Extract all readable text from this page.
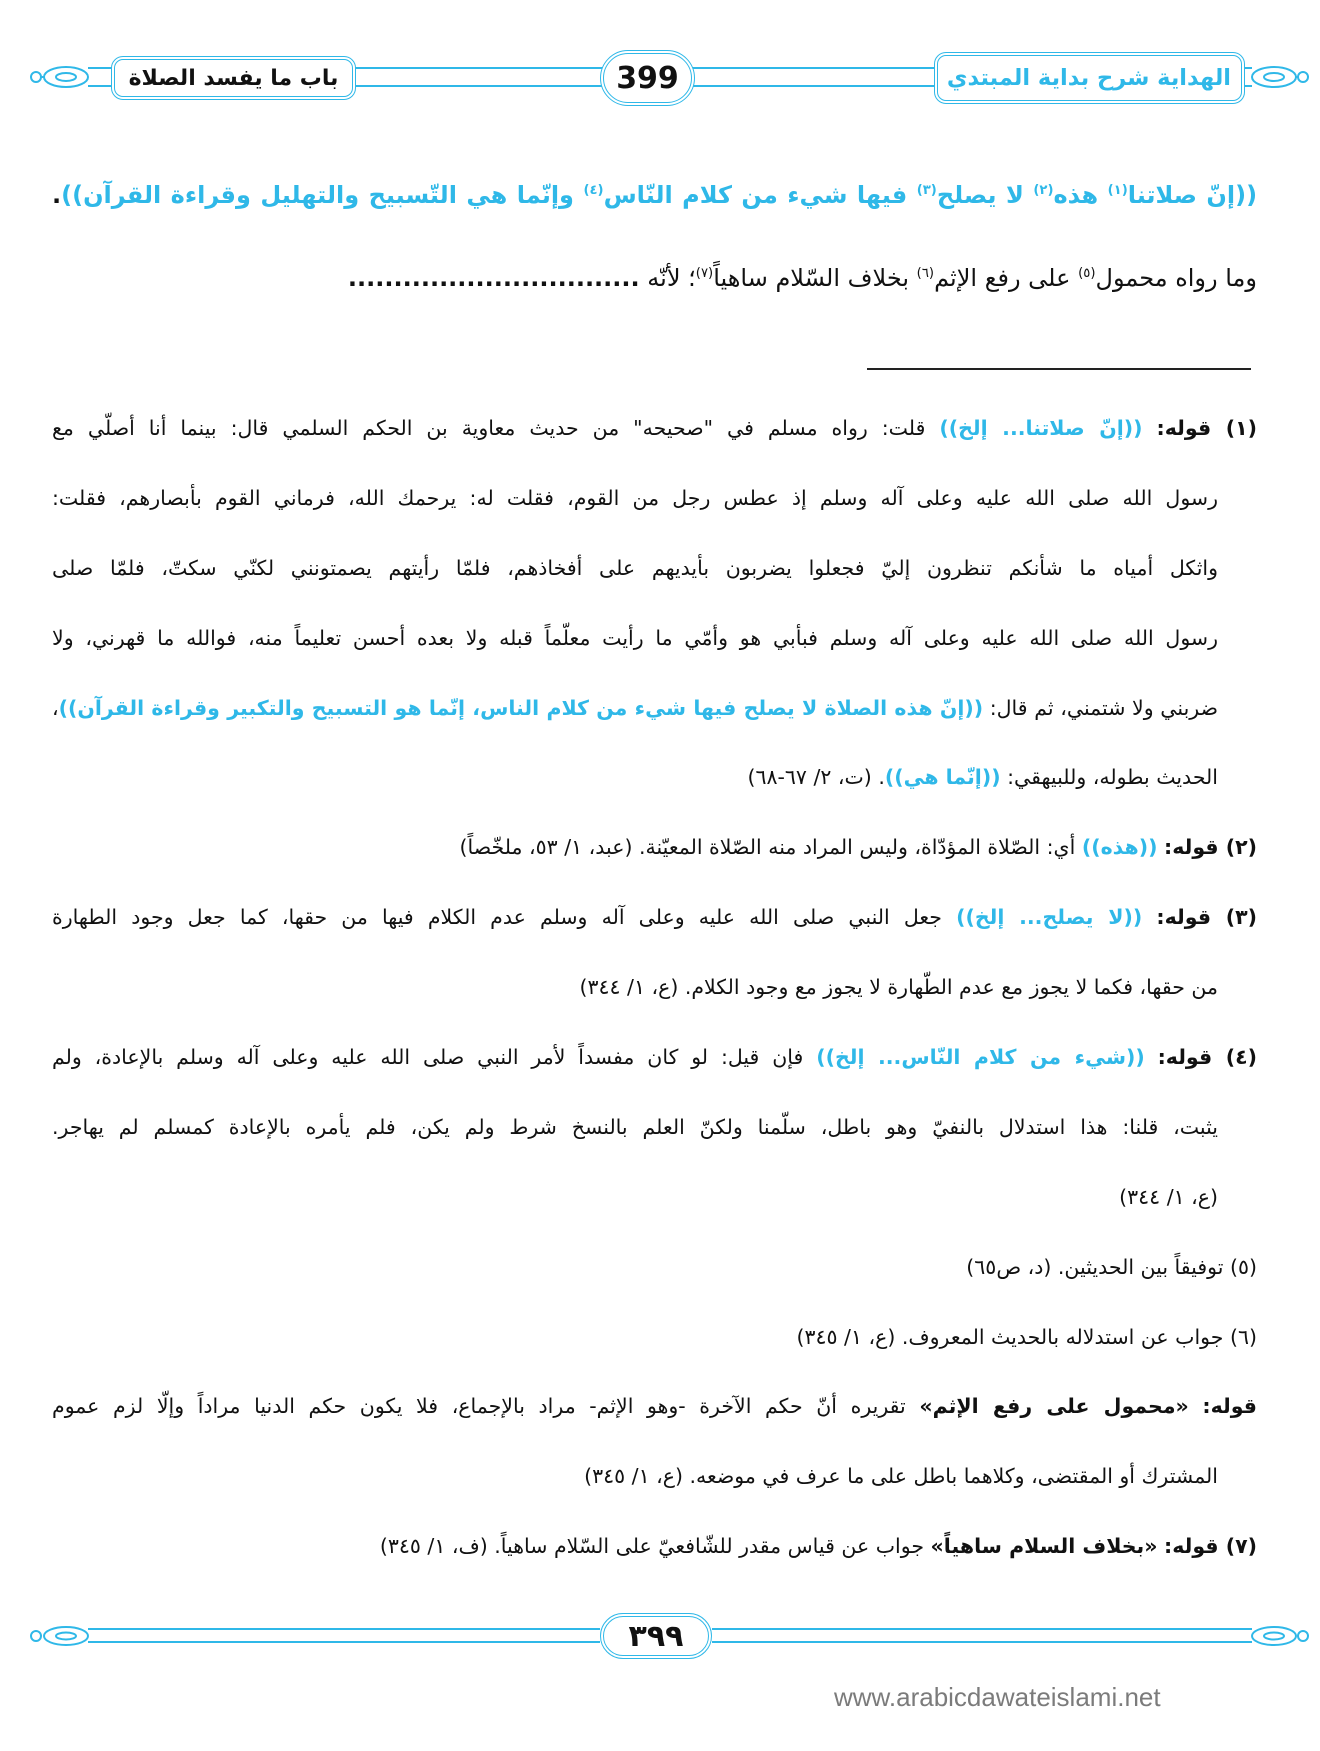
الهداية شرح بداية المبتدي
399
باب ما يفسد الصلاة
((إنّ صلاتنا$^{(١)}$ هذه$^{(٢)}$ لا يصلح$^{(٣)}$ فيها شيء من كلام النّاس$^{(٤)}$ وإنّما هي التّسبيح والتهليل وقراءة القرآن)).
وما رواه محمول$^{(٥)}$ على رفع الإثم$^{(٦)}$ بخلاف السّلام ساهياً$^{(٧)}$؛ لأنّه ................................
(١) قوله: ((إنّ صلاتنا... إلخ)) قلت: رواه مسلم في "صحيحه" من حديث معاوية بن الحكم السلمي قال: بينما أنا أصلّي مع
رسول الله صلى الله عليه وعلى آله وسلم إذ عطس رجل من القوم، فقلت له: يرحمك الله، فرماني القوم بأبصارهم، فقلت:
واثكل أمياه ما شأنكم تنظرون إليّ فجعلوا يضربون بأيديهم على أفخاذهم، فلمّا رأيتهم يصمتونني لكنّي سكتّ، فلمّا صلى
رسول الله صلى الله عليه وعلى آله وسلم فبأبي هو وأمّي ما رأيت معلّماً قبله ولا بعده أحسن تعليماً منه، فوالله ما قهرني، ولا
ضربني ولا شتمني، ثم قال: ((إنّ هذه الصلاة لا يصلح فيها شيء من كلام الناس، إنّما هو التسبيح والتكبير وقراءة القرآن))،
الحديث بطوله، وللبيهقي: ((إنّما هي)). (ت، ٢/ ٦٧-٦٨)
(٢) قوله: ((هذه)) أي: الصّلاة المؤدّاة، وليس المراد منه الصّلاة المعيّنة. (عبد، ١/ ٥٣، ملخّصاً)
(٣) قوله: ((لا يصلح... إلخ)) جعل النبي صلى الله عليه وعلى آله وسلم عدم الكلام فيها من حقها، كما جعل وجود الطهارة
من حقها، فكما لا يجوز مع عدم الطّهارة لا يجوز مع وجود الكلام. (ع، ١/ ٣٤٤)
(٤) قوله: ((شيء من كلام النّاس... إلخ)) فإن قيل: لو كان مفسداً لأمر النبي صلى الله عليه وعلى آله وسلم بالإعادة، ولم
يثبت، قلنا: هذا استدلال بالنفيّ وهو باطل، سلّمنا ولكنّ العلم بالنسخ شرط ولم يكن، فلم يأمره بالإعادة كمسلم لم يهاجر.
(ع، ١/ ٣٤٤)
(٥) توفيقاً بين الحديثين. (د، ص٦٥)
(٦) جواب عن استدلاله بالحديث المعروف. (ع، ١/ ٣٤٥)
قوله: «محمول على رفع الإثم» تقريره أنّ حكم الآخرة -وهو الإثم- مراد بالإجماع، فلا يكون حكم الدنيا مراداً وإلّا لزم عموم
المشترك أو المقتضى، وكلاهما باطل على ما عرف في موضعه. (ع، ١/ ٣٤٥)
(٧) قوله: «بخلاف السلام ساهياً» جواب عن قياس مقدر للشّافعيّ على السّلام ساهياً. (ف، ١/ ٣٤٥)
٣٩٩
www.arabicdawateislami.net
